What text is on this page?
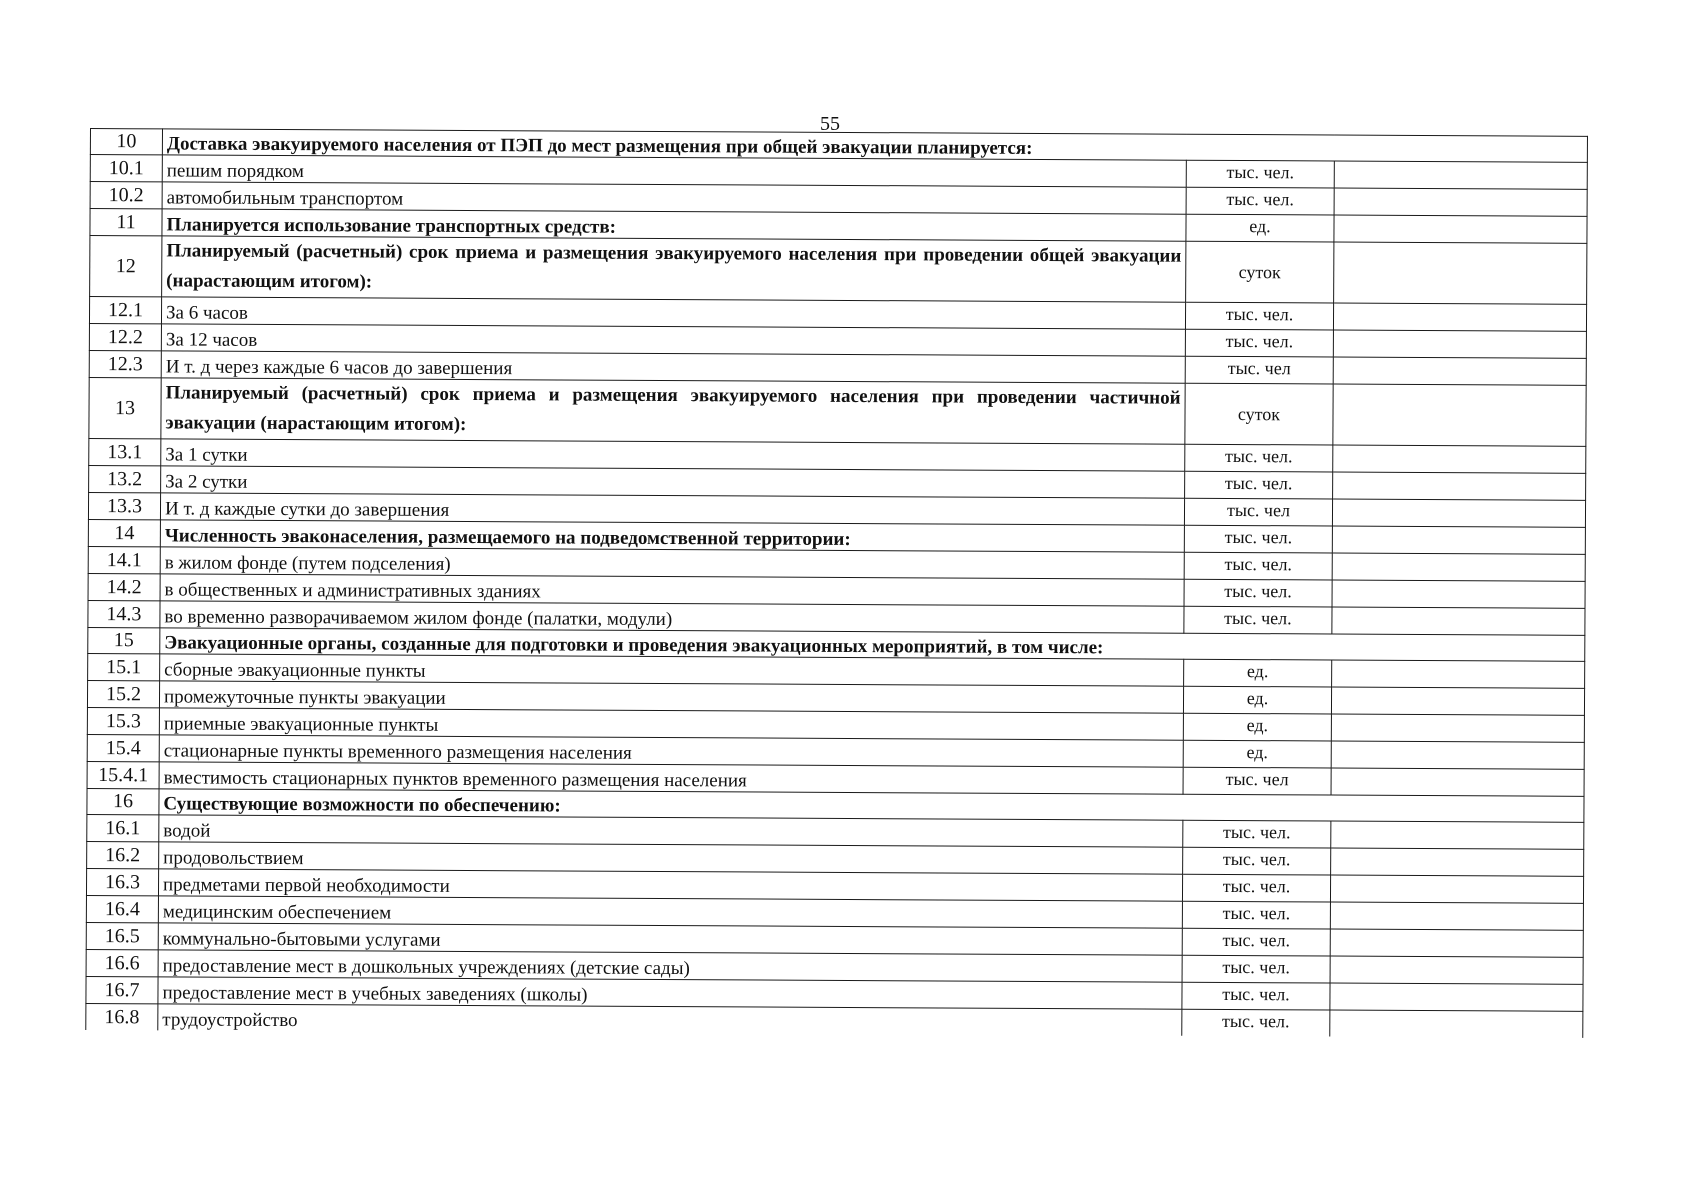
55
10	Доставка эвакуируемого населения от ПЭП до мест размещения при общей эвакуации планируется:		
10.1	пешим порядком	тыс. чел.	
10.2	автомобильным транспортом	тыс. чел.	
11	Планируется использование транспортных средств:	ед.	
12	Планируемый (расчетный) срок приема и размещения эвакуируемого населения при проведении общей эвакуации (нарастающим итогом):	суток	
12.1	За 6 часов	тыс. чел.	
12.2	За 12 часов	тыс. чел.	
12.3	И т. д через каждые 6 часов до завершения	тыс. чел	
13	Планируемый (расчетный) срок приема и размещения эвакуируемого населения при проведении частичной эвакуации (нарастающим итогом):	суток	
13.1	За 1 сутки	тыс. чел.	
13.2	За 2 сутки	тыс. чел.	
13.3	И т. д каждые сутки до завершения	тыс. чел	
14	Численность эваконаселения, размещаемого на подведомственной территории:	тыс. чел.	
14.1	в жилом фонде (путем подселения)	тыс. чел.	
14.2	в общественных и административных зданиях	тыс. чел.	
14.3	во временно разворачиваемом жилом фонде (палатки, модули)	тыс. чел.	
15	Эвакуационные органы, созданные для подготовки и проведения эвакуационных мероприятий, в том числе:		
15.1	сборные эвакуационные пункты	ед.	
15.2	промежуточные пункты эвакуации	ед.	
15.3	приемные эвакуационные пункты	ед.	
15.4	стационарные пункты временного размещения населения	ед.	
15.4.1	вместимость стационарных пунктов временного размещения населения	тыс. чел	
16	Существующие возможности по обеспечению:		
16.1	водой	тыс. чел.	
16.2	продовольствием	тыс. чел.	
16.3	предметами первой необходимости	тыс. чел.	
16.4	медицинским обеспечением	тыс. чел.	
16.5	коммунально-бытовыми услугами	тыс. чел.	
16.6	предоставление мест в дошкольных учреждениях (детские сады)	тыс. чел.	
16.7	предоставление мест в учебных заведениях (школы)	тыс. чел.	
16.8	трудоустройство	тыс. чел.	
